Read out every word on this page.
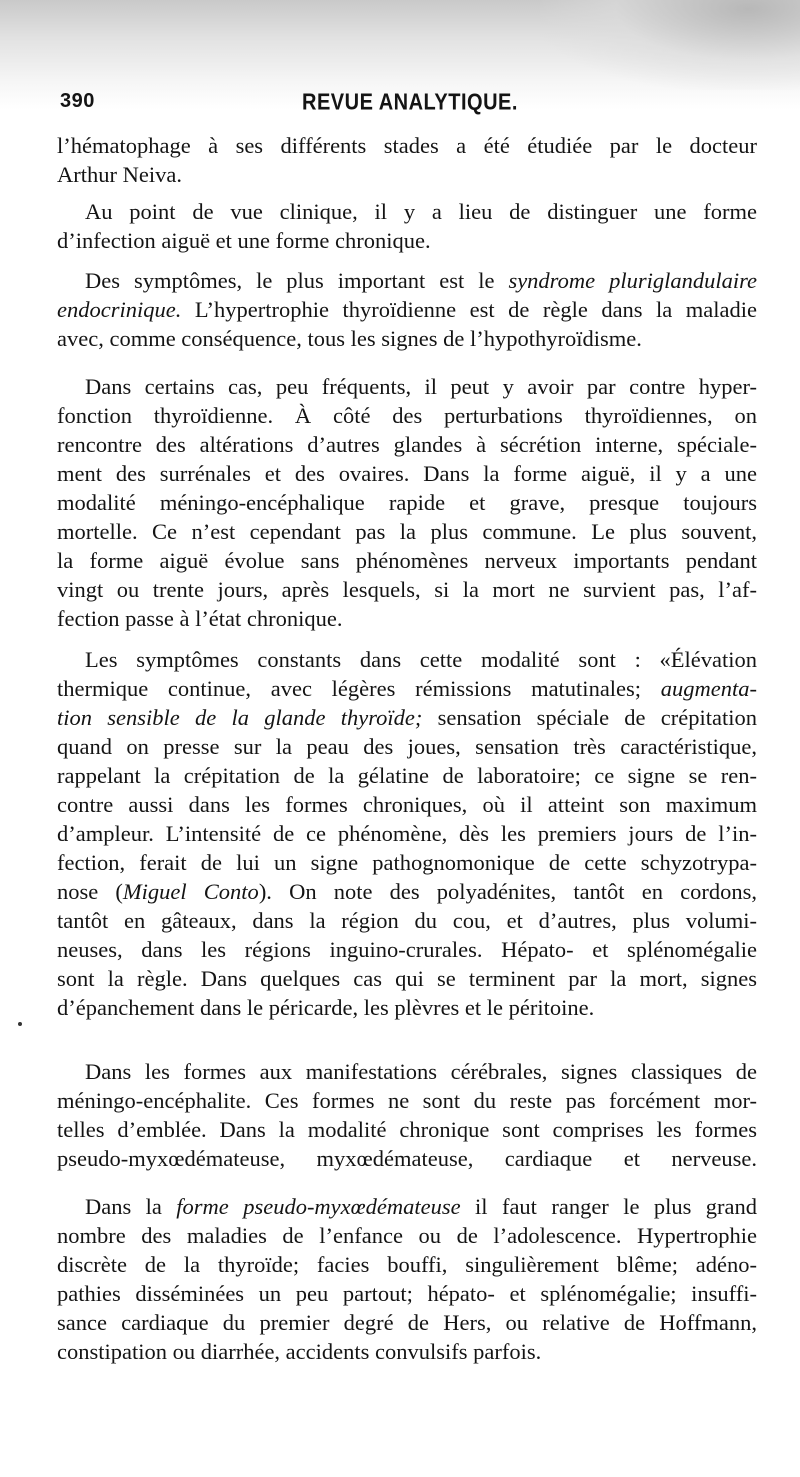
390	REVUE ANALYTIQUE.
l’hématophage à ses différents stades a été étudiée par le docteur
Arthur Neiva.
Au point de vue clinique, il y a lieu de distinguer une forme
d’infection aiguë et une forme chronique.
Des symptômes, le plus important est le syndrome pluriglandulaire
endocrinique. L’hypertrophie thyroïdienne est de règle dans la maladie
avec, comme conséquence, tous les signes de l’hypothyroïdisme.
Dans certains cas, peu fréquents, il peut y avoir par contre hyper-
fonction thyroïdienne. À côté des perturbations thyroïdiennes, on
rencontre des altérations d’autres glandes à sécrétion interne, spéciale-
ment des surrénales et des ovaires. Dans la forme aiguë, il y a une
modalité méningo-encéphalique rapide et grave, presque toujours
mortelle. Ce n’est cependant pas la plus commune. Le plus souvent,
la forme aiguë évolue sans phénomènes nerveux importants pendant
vingt ou trente jours, après lesquels, si la mort ne survient pas, l’af-
fection passe à l’état chronique.
Les symptômes constants dans cette modalité sont : «Élévation
thermique continue, avec légères rémissions matutinales; augmenta-
tion sensible de la glande thyroïde; sensation spéciale de crépitation
quand on presse sur la peau des joues, sensation très caractéristique,
rappelant la crépitation de la gélatine de laboratoire; ce signe se ren-
contre aussi dans les formes chroniques, où il atteint son maximum
d’ampleur. L’intensité de ce phénomène, dès les premiers jours de l’in-
fection, ferait de lui un signe pathognomonique de cette schyzotrypa-
nose (Miguel Conto). On note des polyadénites, tantôt en cordons,
tantôt en gâteaux, dans la région du cou, et d’autres, plus volumi-
neuses, dans les régions inguino-crurales. Hépato- et splénomégalie
sont la règle. Dans quelques cas qui se terminent par la mort, signes
d’épanchement dans le péricarde, les plèvres et le péritoine.
Dans les formes aux manifestations cérébrales, signes classiques de
méningo-encéphalite. Ces formes ne sont du reste pas forcément mor-
telles d’emblée. Dans la modalité chronique sont comprises les formes
pseudo-myxœdémateuse, myxœdémateuse, cardiaque et nerveuse.
Dans la forme pseudo-myxœdémateuse il faut ranger le plus grand
nombre des maladies de l’enfance ou de l’adolescence. Hypertrophie
discrète de la thyroïde; facies bouffi, singulièrement blême; adéno-
pathies disséminées un peu partout; hépato- et splénomégalie; insuffi-
sance cardiaque du premier degré de Hers, ou relative de Hoffmann,
constipation ou diarrhée, accidents convulsifs parfois.
